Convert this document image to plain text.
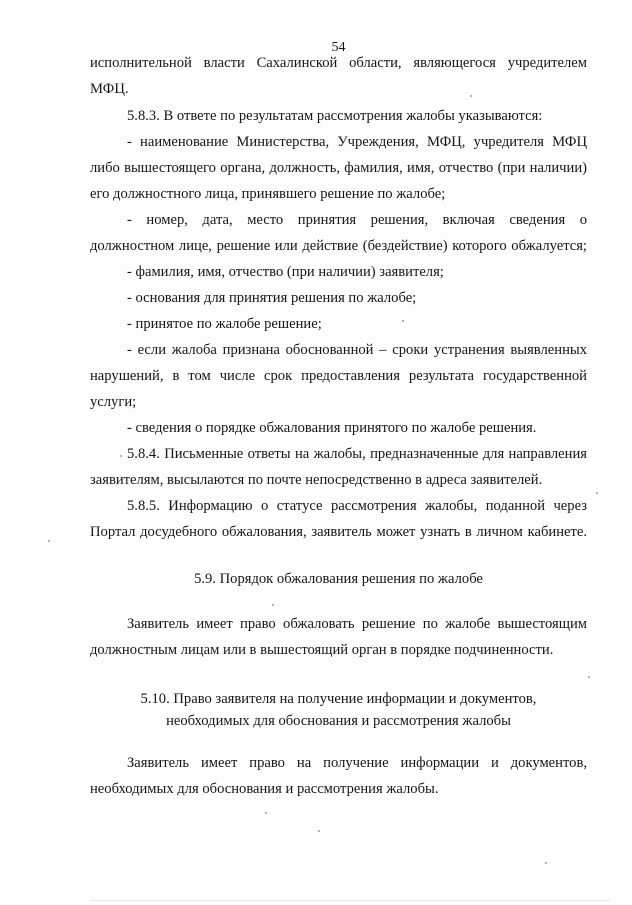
54
исполнительной власти Сахалинской области, являющегося учредителем
МФЦ.
5.8.3. В ответе по результатам рассмотрения жалобы указываются:
- наименование Министерства, Учреждения, МФЦ, учредителя МФЦ
либо вышестоящего органа, должность, фамилия, имя, отчество (при наличии)
его должностного лица, принявшего решение по жалобе;
- номер, дата, место принятия решения, включая сведения о
должностном лице, решение или действие (бездействие) которого обжалуется;
- фамилия, имя, отчество (при наличии) заявителя;
- основания для принятия решения по жалобе;
- принятое по жалобе решение;
- если жалоба признана обоснованной – сроки устранения выявленных
нарушений, в том числе срок предоставления результата государственной
услуги;
- сведения о порядке обжалования принятого по жалобе решения.
5.8.4. Письменные ответы на жалобы, предназначенные для направления
заявителям, высылаются по почте непосредственно в адреса заявителей.
5.8.5. Информацию о статусе рассмотрения жалобы, поданной через
Портал досудебного обжалования, заявитель может узнать в личном кабинете.
5.9. Порядок обжалования решения по жалобе
Заявитель имеет право обжаловать решение по жалобе вышестоящим
должностным лицам или в вышестоящий орган в порядке подчиненности.
5.10. Право заявителя на получение информации и документов,
необходимых для обоснования и рассмотрения жалобы
Заявитель имеет право на получение информации и документов,
необходимых для обоснования и рассмотрения жалобы.
